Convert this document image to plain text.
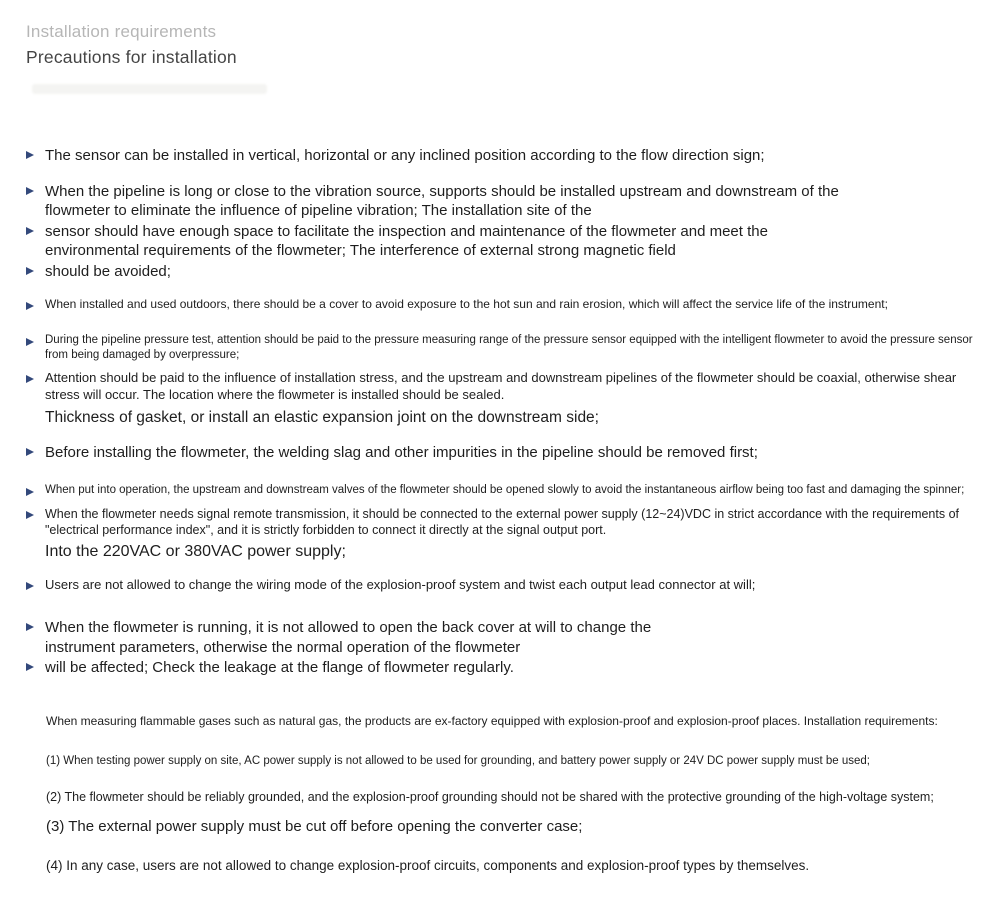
Installation requirements
Precautions for installation

The sensor can be installed in vertical, horizontal or any inclined position according to the flow direction sign;

When the pipeline is long or close to the vibration source, supports should be installed upstream and downstream of the flowmeter to eliminate the influence of pipeline vibration; The installation site of the

sensor should have enough space to facilitate the inspection and maintenance of the flowmeter and meet the environmental requirements of the flowmeter; The interference of external strong magnetic field

should be avoided;

When installed and used outdoors, there should be a cover to avoid exposure to the hot sun and rain erosion, which will affect the service life of the instrument;

During the pipeline pressure test, attention should be paid to the pressure measuring range of the pressure sensor equipped with the intelligent flowmeter to avoid the pressure sensor from being damaged by overpressure;

Attention should be paid to the influence of installation stress, and the upstream and downstream pipelines of the flowmeter should be coaxial, otherwise shear stress will occur. The location where the flowmeter is installed should be sealed.

Thickness of gasket, or install an elastic expansion joint on the downstream side;

Before installing the flowmeter, the welding slag and other impurities in the pipeline should be removed first;

When put into operation, the upstream and downstream valves of the flowmeter should be opened slowly to avoid the instantaneous airflow being too fast and damaging the spinner;

When the flowmeter needs signal remote transmission, it should be connected to the external power supply (12~24)VDC in strict accordance with the requirements of "electrical performance index", and it is strictly forbidden to connect it directly at the signal output port.

Into the 220VAC or 380VAC power supply;

Users are not allowed to change the wiring mode of the explosion-proof system and twist each output lead connector at will;

When the flowmeter is running, it is not allowed to open the back cover at will to change the instrument parameters, otherwise the normal operation of the flowmeter

will be affected; Check the leakage at the flange of flowmeter regularly.

When measuring flammable gases such as natural gas, the products are ex-factory equipped with explosion-proof and explosion-proof places. Installation requirements:

(1) When testing power supply on site, AC power supply is not allowed to be used for grounding, and battery power supply or 24V DC power supply must be used;

(2) The flowmeter should be reliably grounded, and the explosion-proof grounding should not be shared with the protective grounding of the high-voltage system;

(3) The external power supply must be cut off before opening the converter case;

(4) In any case, users are not allowed to change explosion-proof circuits, components and explosion-proof types by themselves.
